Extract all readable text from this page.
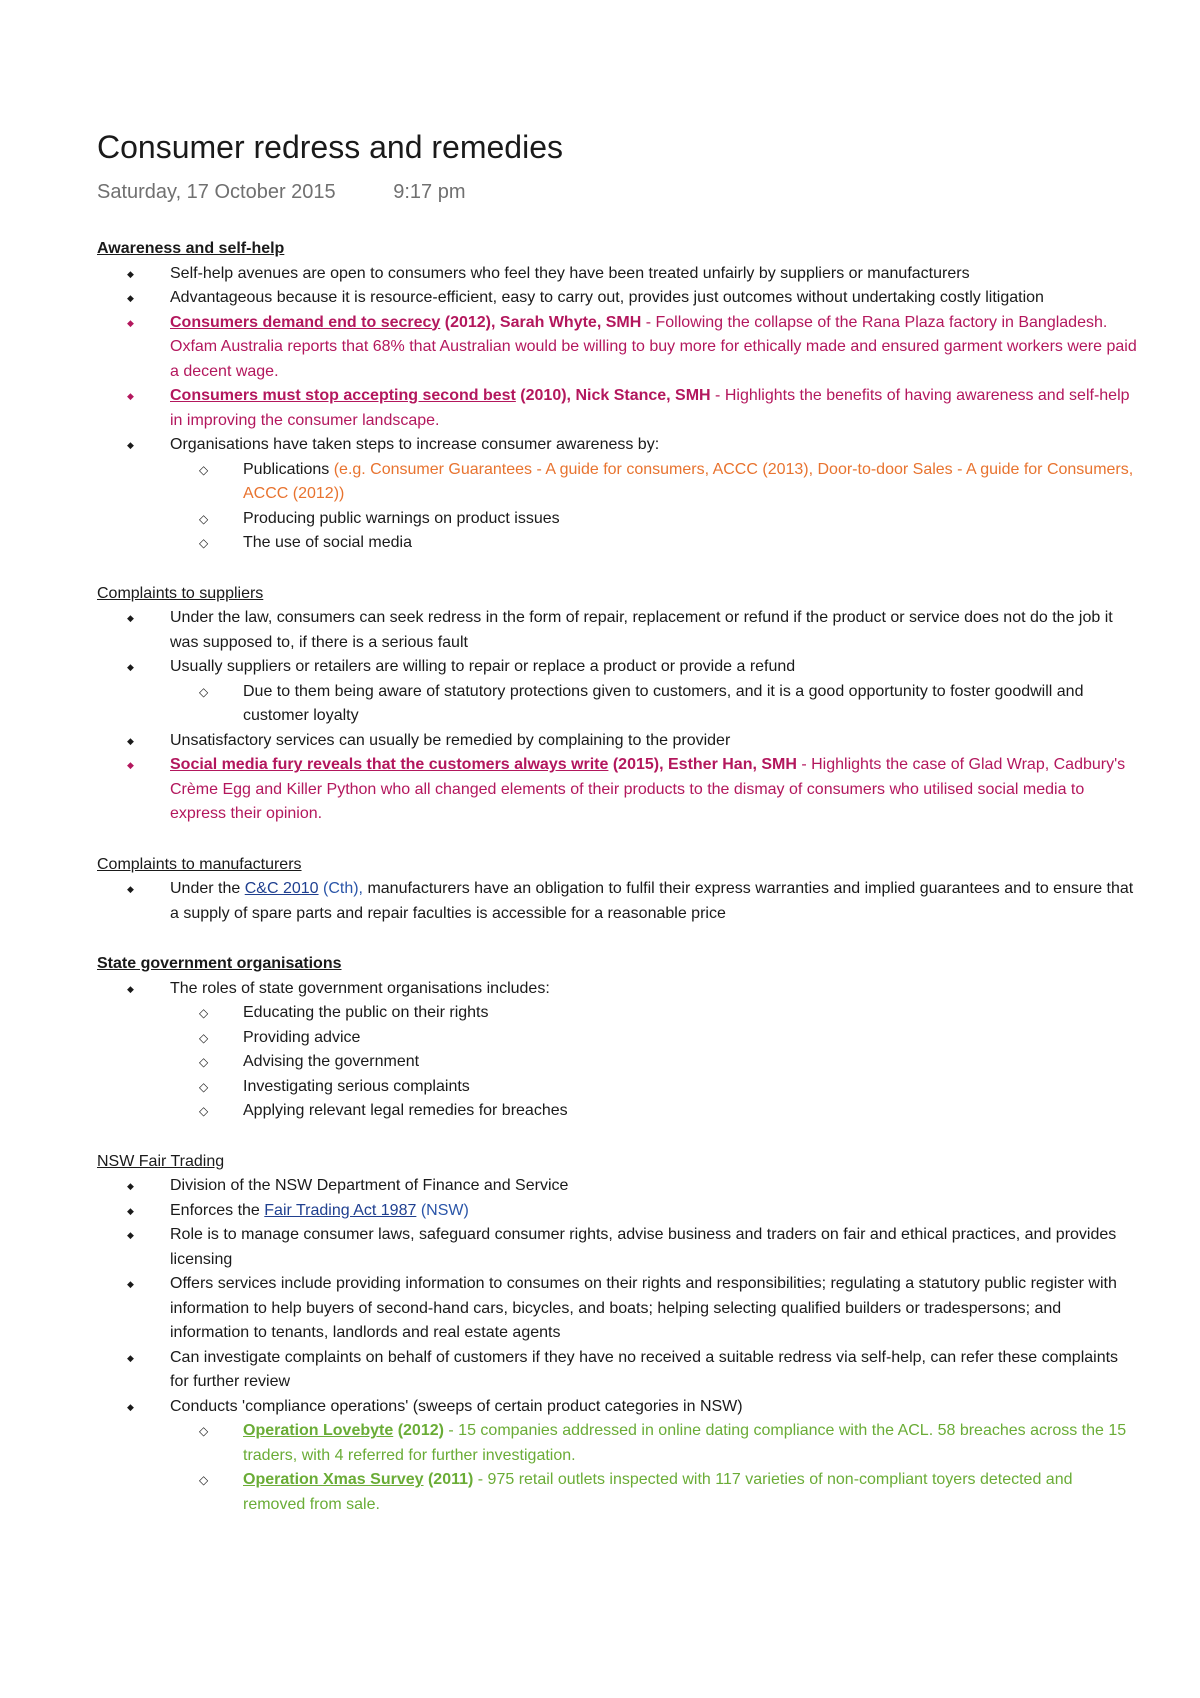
Consumer redress and remedies
Saturday, 17 October 2015	9:17 pm
Awareness and self-help
◆ Self-help avenues are open to consumers who feel they have been treated unfairly by suppliers or manufacturers
◆ Advantageous because it is resource-efficient, easy to carry out, provides just outcomes without undertaking costly litigation
◆ Consumers demand end to secrecy (2012), Sarah Whyte, SMH - Following the collapse of the Rana Plaza factory in Bangladesh. Oxfam Australia reports that 68% that Australian would be willing to buy more for ethically made and ensured garment workers were paid a decent wage.
◆ Consumers must stop accepting second best (2010), Nick Stance, SMH - Highlights the benefits of having awareness and self-help in improving the consumer landscape.
◆ Organisations have taken steps to increase consumer awareness by:
◇ Publications (e.g. Consumer Guarantees - A guide for consumers, ACCC (2013), Door-to-door Sales - A guide for Consumers, ACCC (2012))
◇ Producing public warnings on product issues
◇ The use of social media
Complaints to suppliers
◆ Under the law, consumers can seek redress in the form of repair, replacement or refund if the product or service does not do the job it was supposed to, if there is a serious fault
◆ Usually suppliers or retailers are willing to repair or replace a product or provide a refund
◇ Due to them being aware of statutory protections given to customers, and it is a good opportunity to foster goodwill and customer loyalty
◆ Unsatisfactory services can usually be remedied by complaining to the provider
◆ Social media fury reveals that the customers always write (2015), Esther Han, SMH - Highlights the case of Glad Wrap, Cadbury's Crème Egg and Killer Python who all changed elements of their products to the dismay of consumers who utilised social media to express their opinion.
Complaints to manufacturers
◆ Under the C&C 2010 (Cth), manufacturers have an obligation to fulfil their express warranties and implied guarantees and to ensure that a supply of spare parts and repair faculties is accessible for a reasonable price
State government organisations
◆ The roles of state government organisations includes:
◇ Educating the public on their rights
◇ Providing advice
◇ Advising the government
◇ Investigating serious complaints
◇ Applying relevant legal remedies for breaches
NSW Fair Trading
◆ Division of the NSW Department of Finance and Service
◆ Enforces the Fair Trading Act 1987 (NSW)
◆ Role is to manage consumer laws, safeguard consumer rights, advise business and traders on fair and ethical practices, and provides licensing
◆ Offers services include providing information to consumes on their rights and responsibilities; regulating a statutory public register with information to help buyers of second-hand cars, bicycles, and boats; helping selecting qualified builders or tradespersons; and information to tenants, landlords and real estate agents
◆ Can investigate complaints on behalf of customers if they have no received a suitable redress via self-help, can refer these complaints for further review
◆ Conducts 'compliance operations' (sweeps of certain product categories in NSW)
◇ Operation Lovebyte (2012) - 15 companies addressed in online dating compliance with the ACL. 58 breaches across the 15 traders, with 4 referred for further investigation.
◇ Operation Xmas Survey (2011) - 975 retail outlets inspected with 117 varieties of non-compliant toyers detected and removed from sale.
